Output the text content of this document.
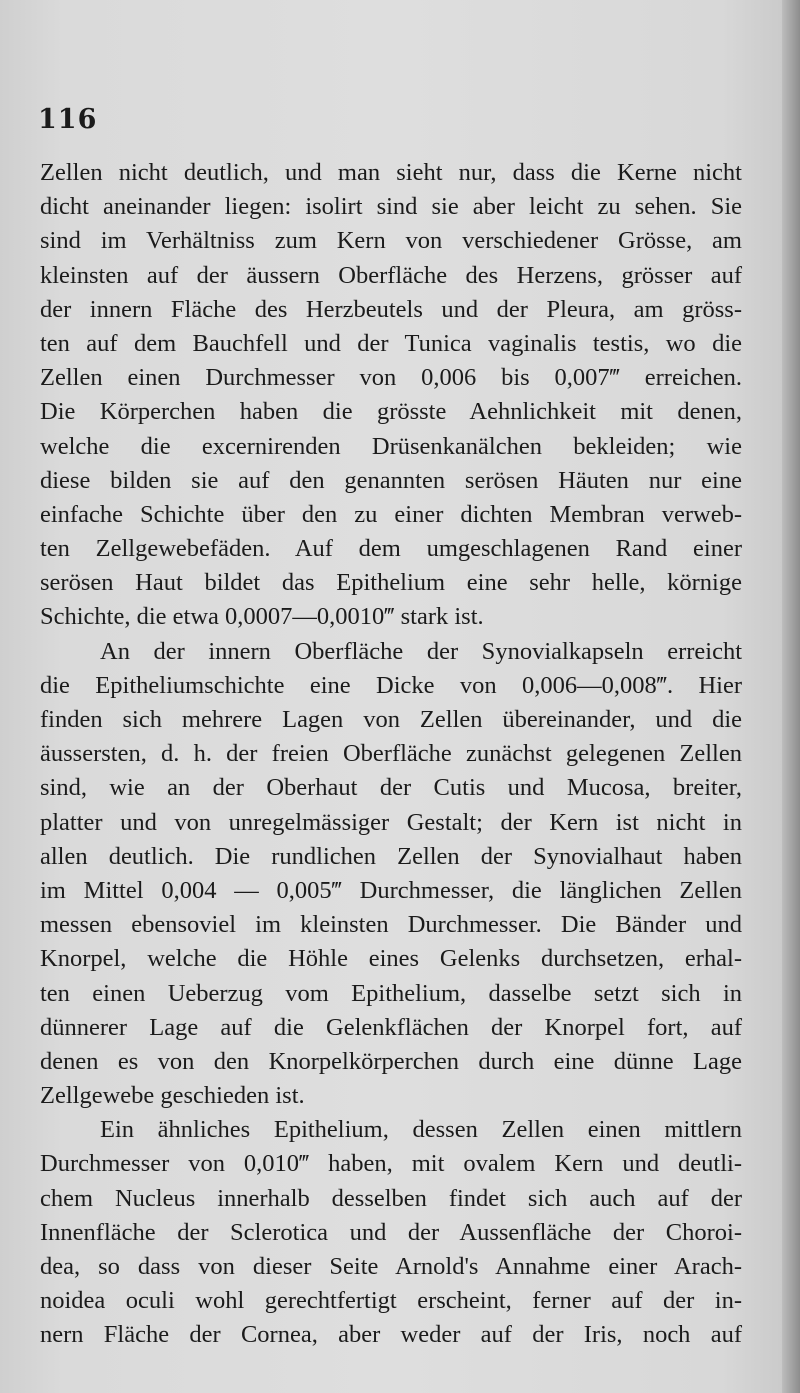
116
Zellen nicht deutlich, und man sieht nur, dass die Kerne nicht
dicht aneinander liegen: isolirt sind sie aber leicht zu sehen. Sie
sind im Verhältniss zum Kern von verschiedener Grösse, am
kleinsten auf der äussern Oberfläche des Herzens, grösser auf
der innern Fläche des Herzbeutels und der Pleura, am gröss-
ten auf dem Bauchfell und der Tunica vaginalis testis, wo die
Zellen einen Durchmesser von 0,006 bis 0,007‴ erreichen.
Die Körperchen haben die grösste Aehnlichkeit mit denen,
welche die excernirenden Drüsenkanälchen bekleiden; wie
diese bilden sie auf den genannten serösen Häuten nur eine
einfache Schichte über den zu einer dichten Membran verweb-
ten Zellgewebefäden. Auf dem umgeschlagenen Rand einer
serösen Haut bildet das Epithelium eine sehr helle, körnige
Schichte, die etwa 0,0007—0,0010‴ stark ist.
An der innern Oberfläche der Synovialkapseln erreicht
die Epitheliumschichte eine Dicke von 0,006—0,008‴. Hier
finden sich mehrere Lagen von Zellen übereinander, und die
äussersten, d. h. der freien Oberfläche zunächst gelegenen Zellen
sind, wie an der Oberhaut der Cutis und Mucosa, breiter,
platter und von unregelmässiger Gestalt; der Kern ist nicht in
allen deutlich. Die rundlichen Zellen der Synovialhaut haben
im Mittel 0,004 — 0,005‴ Durchmesser, die länglichen Zellen
messen ebensoviel im kleinsten Durchmesser. Die Bänder und
Knorpel, welche die Höhle eines Gelenks durchsetzen, erhal-
ten einen Ueberzug vom Epithelium, dasselbe setzt sich in
dünnerer Lage auf die Gelenkflächen der Knorpel fort, auf
denen es von den Knorpelkörperchen durch eine dünne Lage
Zellgewebe geschieden ist.
Ein ähnliches Epithelium, dessen Zellen einen mittlern
Durchmesser von 0,010‴ haben, mit ovalem Kern und deutli-
chem Nucleus innerhalb desselben findet sich auch auf der
Innenfläche der Sclerotica und der Aussenfläche der Choroi-
dea, so dass von dieser Seite Arnold's Annahme einer Arach-
noidea oculi wohl gerechtfertigt erscheint, ferner auf der in-
nern Fläche der Cornea, aber weder auf der Iris, noch auf
